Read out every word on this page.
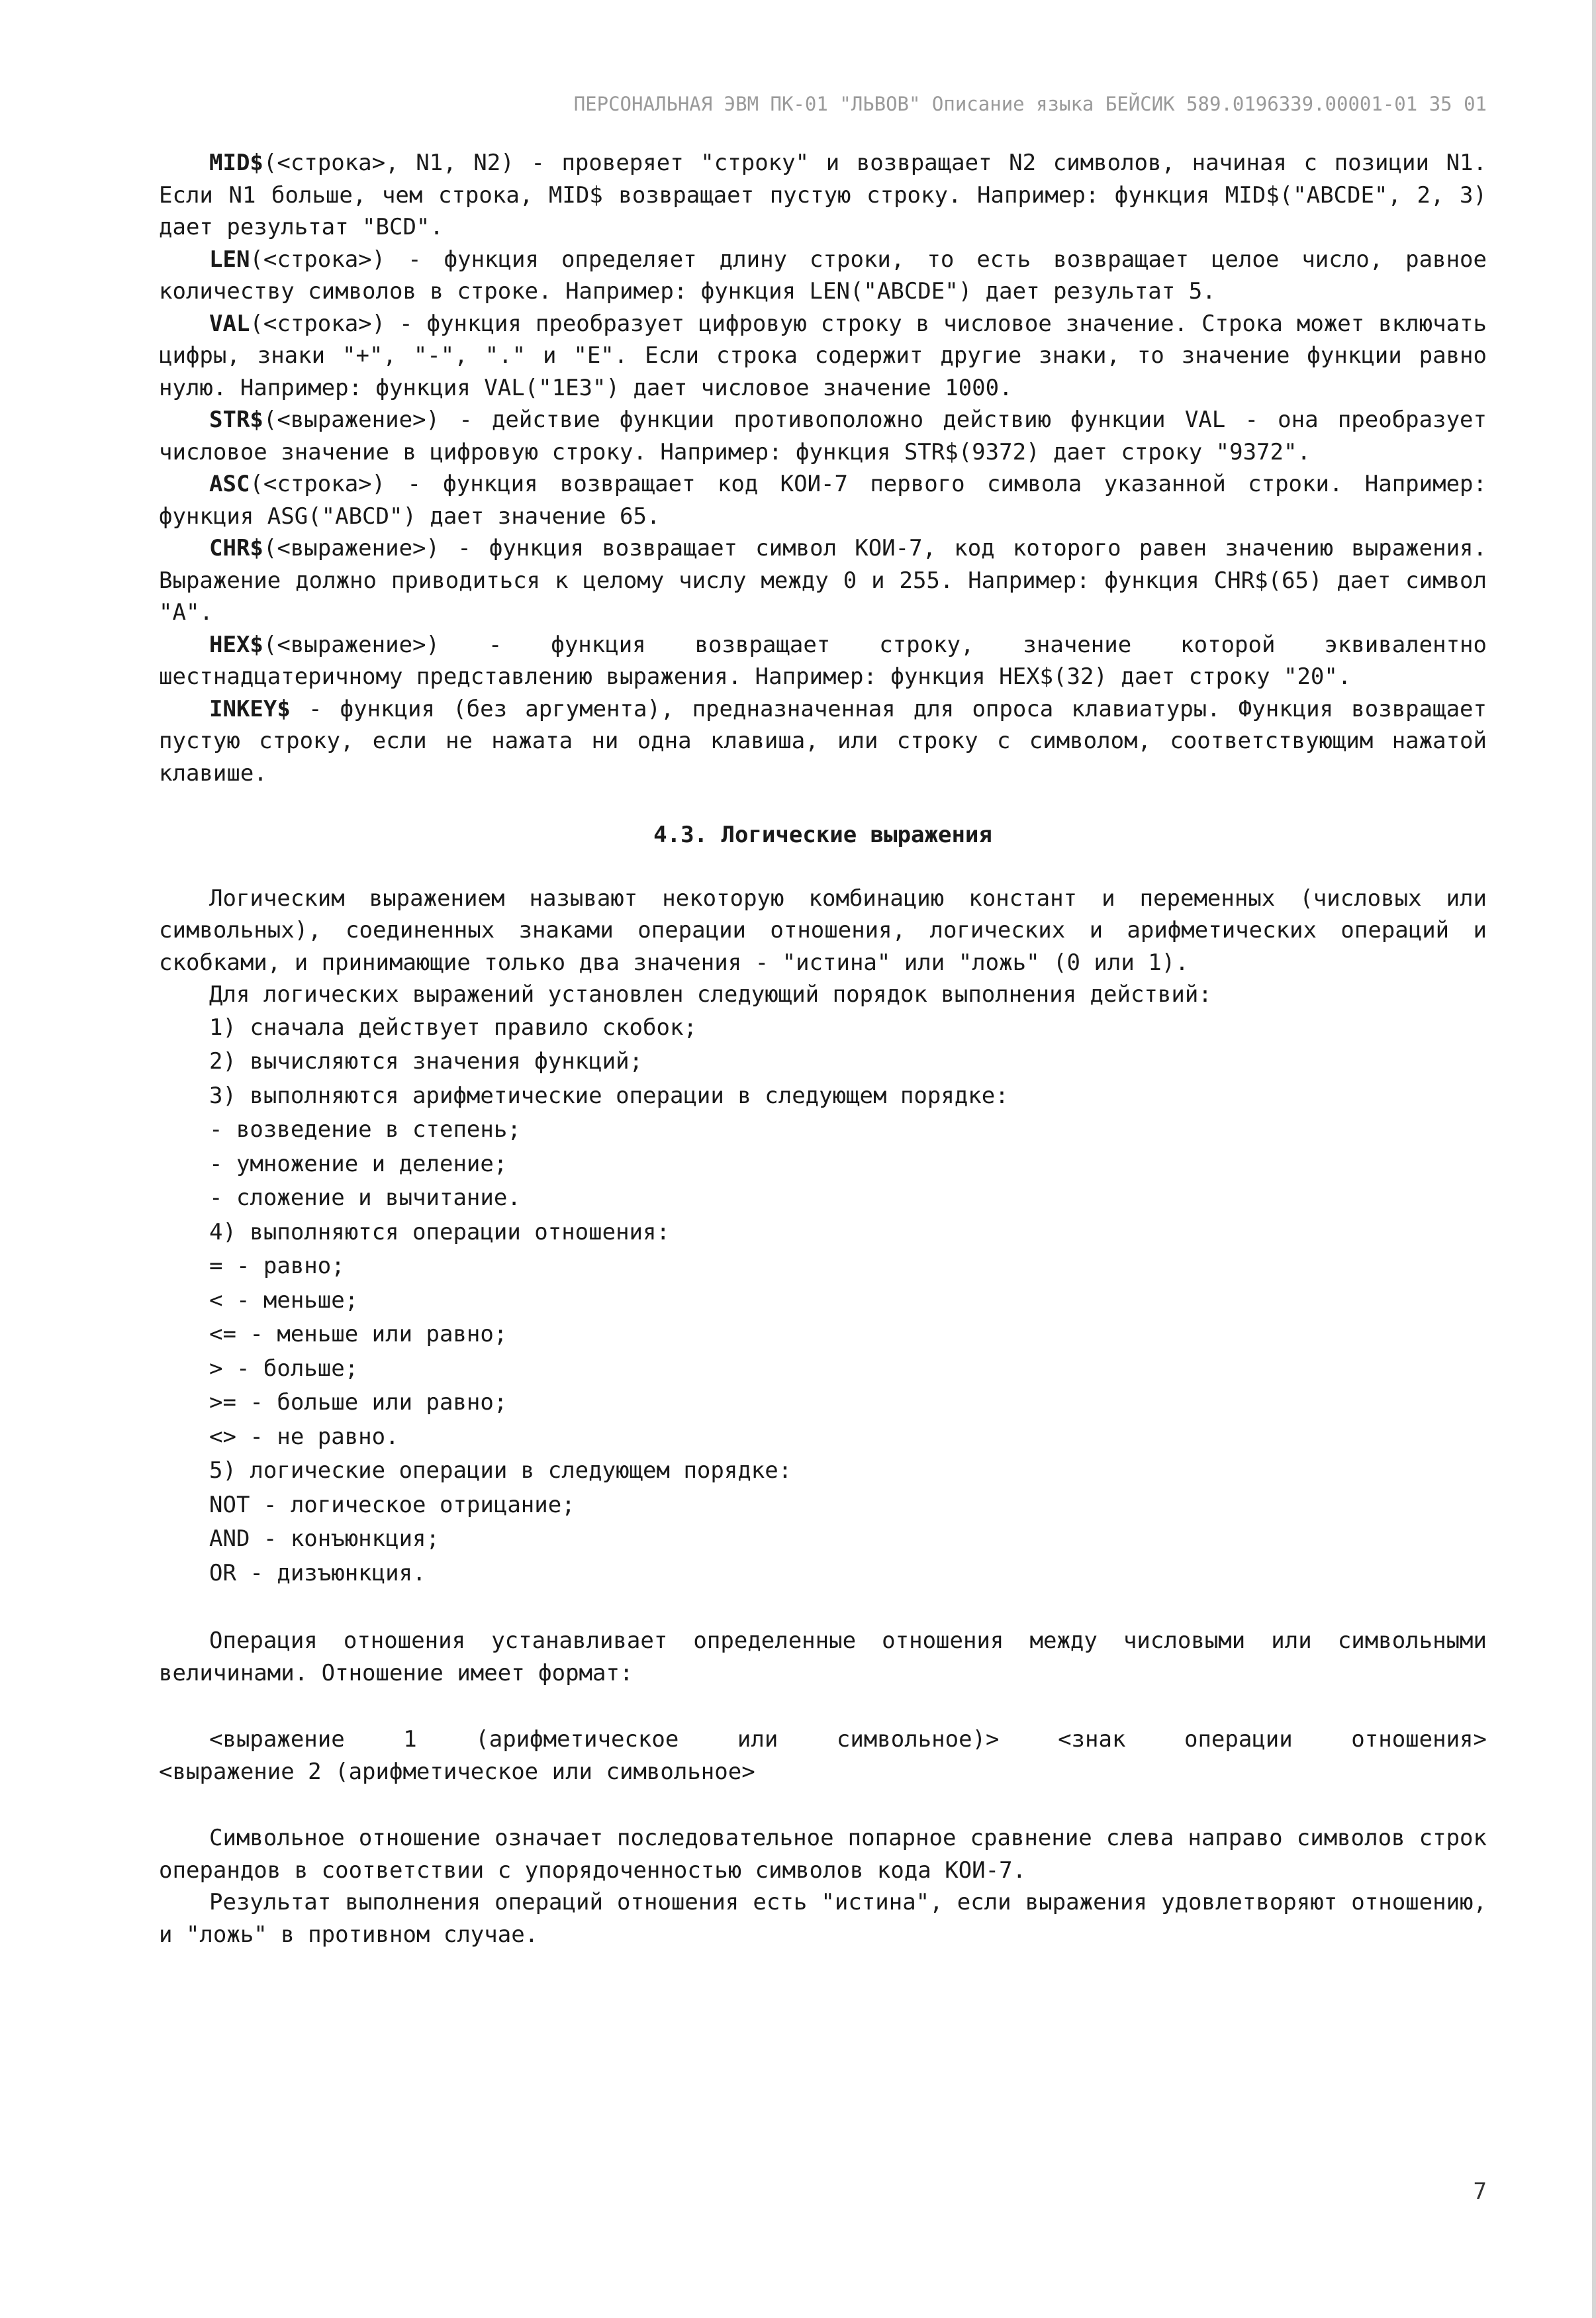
ПЕРСОНАЛЬНАЯ ЭВМ ПК-01 "ЛЬВОВ" Описание языка БЕЙСИК 589.0196339.00001-01 35 01

MID$(<строка>, N1, N2) - проверяет "строку" и возвращает N2 символов, начиная с позиции N1. Если N1 больше, чем строка, MID$ возвращает пустую строку. Например: функция MID$("ABCDE", 2, 3) дает результат "BCD".

LEN(<строка>) - функция определяет длину строки, то есть возвращает целое число, равное количеству символов в строке. Например: функция LEN("ABCDE") дает результат 5.

VAL(<строка>) - функция преобразует цифровую строку в числовое значение. Строка может включать цифры, знаки "+", "-", "." и "E". Если строка содержит другие знаки, то значение функции равно нулю. Например: функция VAL("1E3") дает числовое значение 1000.

STR$(<выражение>) - действие функции противоположно действию функции VAL - она преобразует числовое значение в цифровую строку. Например: функция STR$(9372) дает строку "9372".

ASC(<строка>) - функция возвращает код КОИ-7 первого символа указанной строки. Например: функция ASG("ABCD") дает значение 65.

CHR$(<выражение>) - функция возвращает символ КОИ-7, код которого равен значению выражения. Выражение должно приводиться к целому числу между 0 и 255. Например: функция CHR$(65) дает символ "A".

HEX$(<выражение>) - функция возвращает строку, значение которой эквивалентно шестнадцатеричному представлению выражения. Например: функция HEX$(32) дает строку "20".

INKEY$ - функция (без аргумента), предназначенная для опроса клавиатуры. Функция возвращает пустую строку, если не нажата ни одна клавиша, или строку с символом, соответствующим нажатой клавише.

4.3. Логические выражения

Логическим выражением называют некоторую комбинацию констант и переменных (числовых или символьных), соединенных знаками операции отношения, логических и арифметических операций и скобками, и принимающие только два значения - "истина" или "ложь" (0 или 1).

Для логических выражений установлен следующий порядок выполнения действий:

1) сначала действует правило скобок;

2) вычисляются значения функций;

3) выполняются арифметические операции в следующем порядке:

- возведение в степень;

- умножение и деление;

- сложение и вычитание.

4) выполняются операции отношения:

= - равно;

< - меньше;

<= - меньше или равно;

> - больше;

>= - больше или равно;

<> - не равно.

5) логические операции в следующем порядке:

NOT - логическое отрицание;

AND - конъюнкция;

OR - дизъюнкция.

Операция отношения устанавливает определенные отношения между числовыми или символьными величинами. Отношение имеет формат:

<выражение 1 (арифметическое или символьное)> <знак операции отношения>

<выражение 2 (арифметическое или символьное>

Символьное отношение означает последовательное попарное сравнение слева направо символов строк операндов в соответствии с упорядоченностью символов кода КОИ-7.

Результат выполнения операций отношения есть "истина", если выражения удовлетворяют отношению, и "ложь" в противном случае.

7
